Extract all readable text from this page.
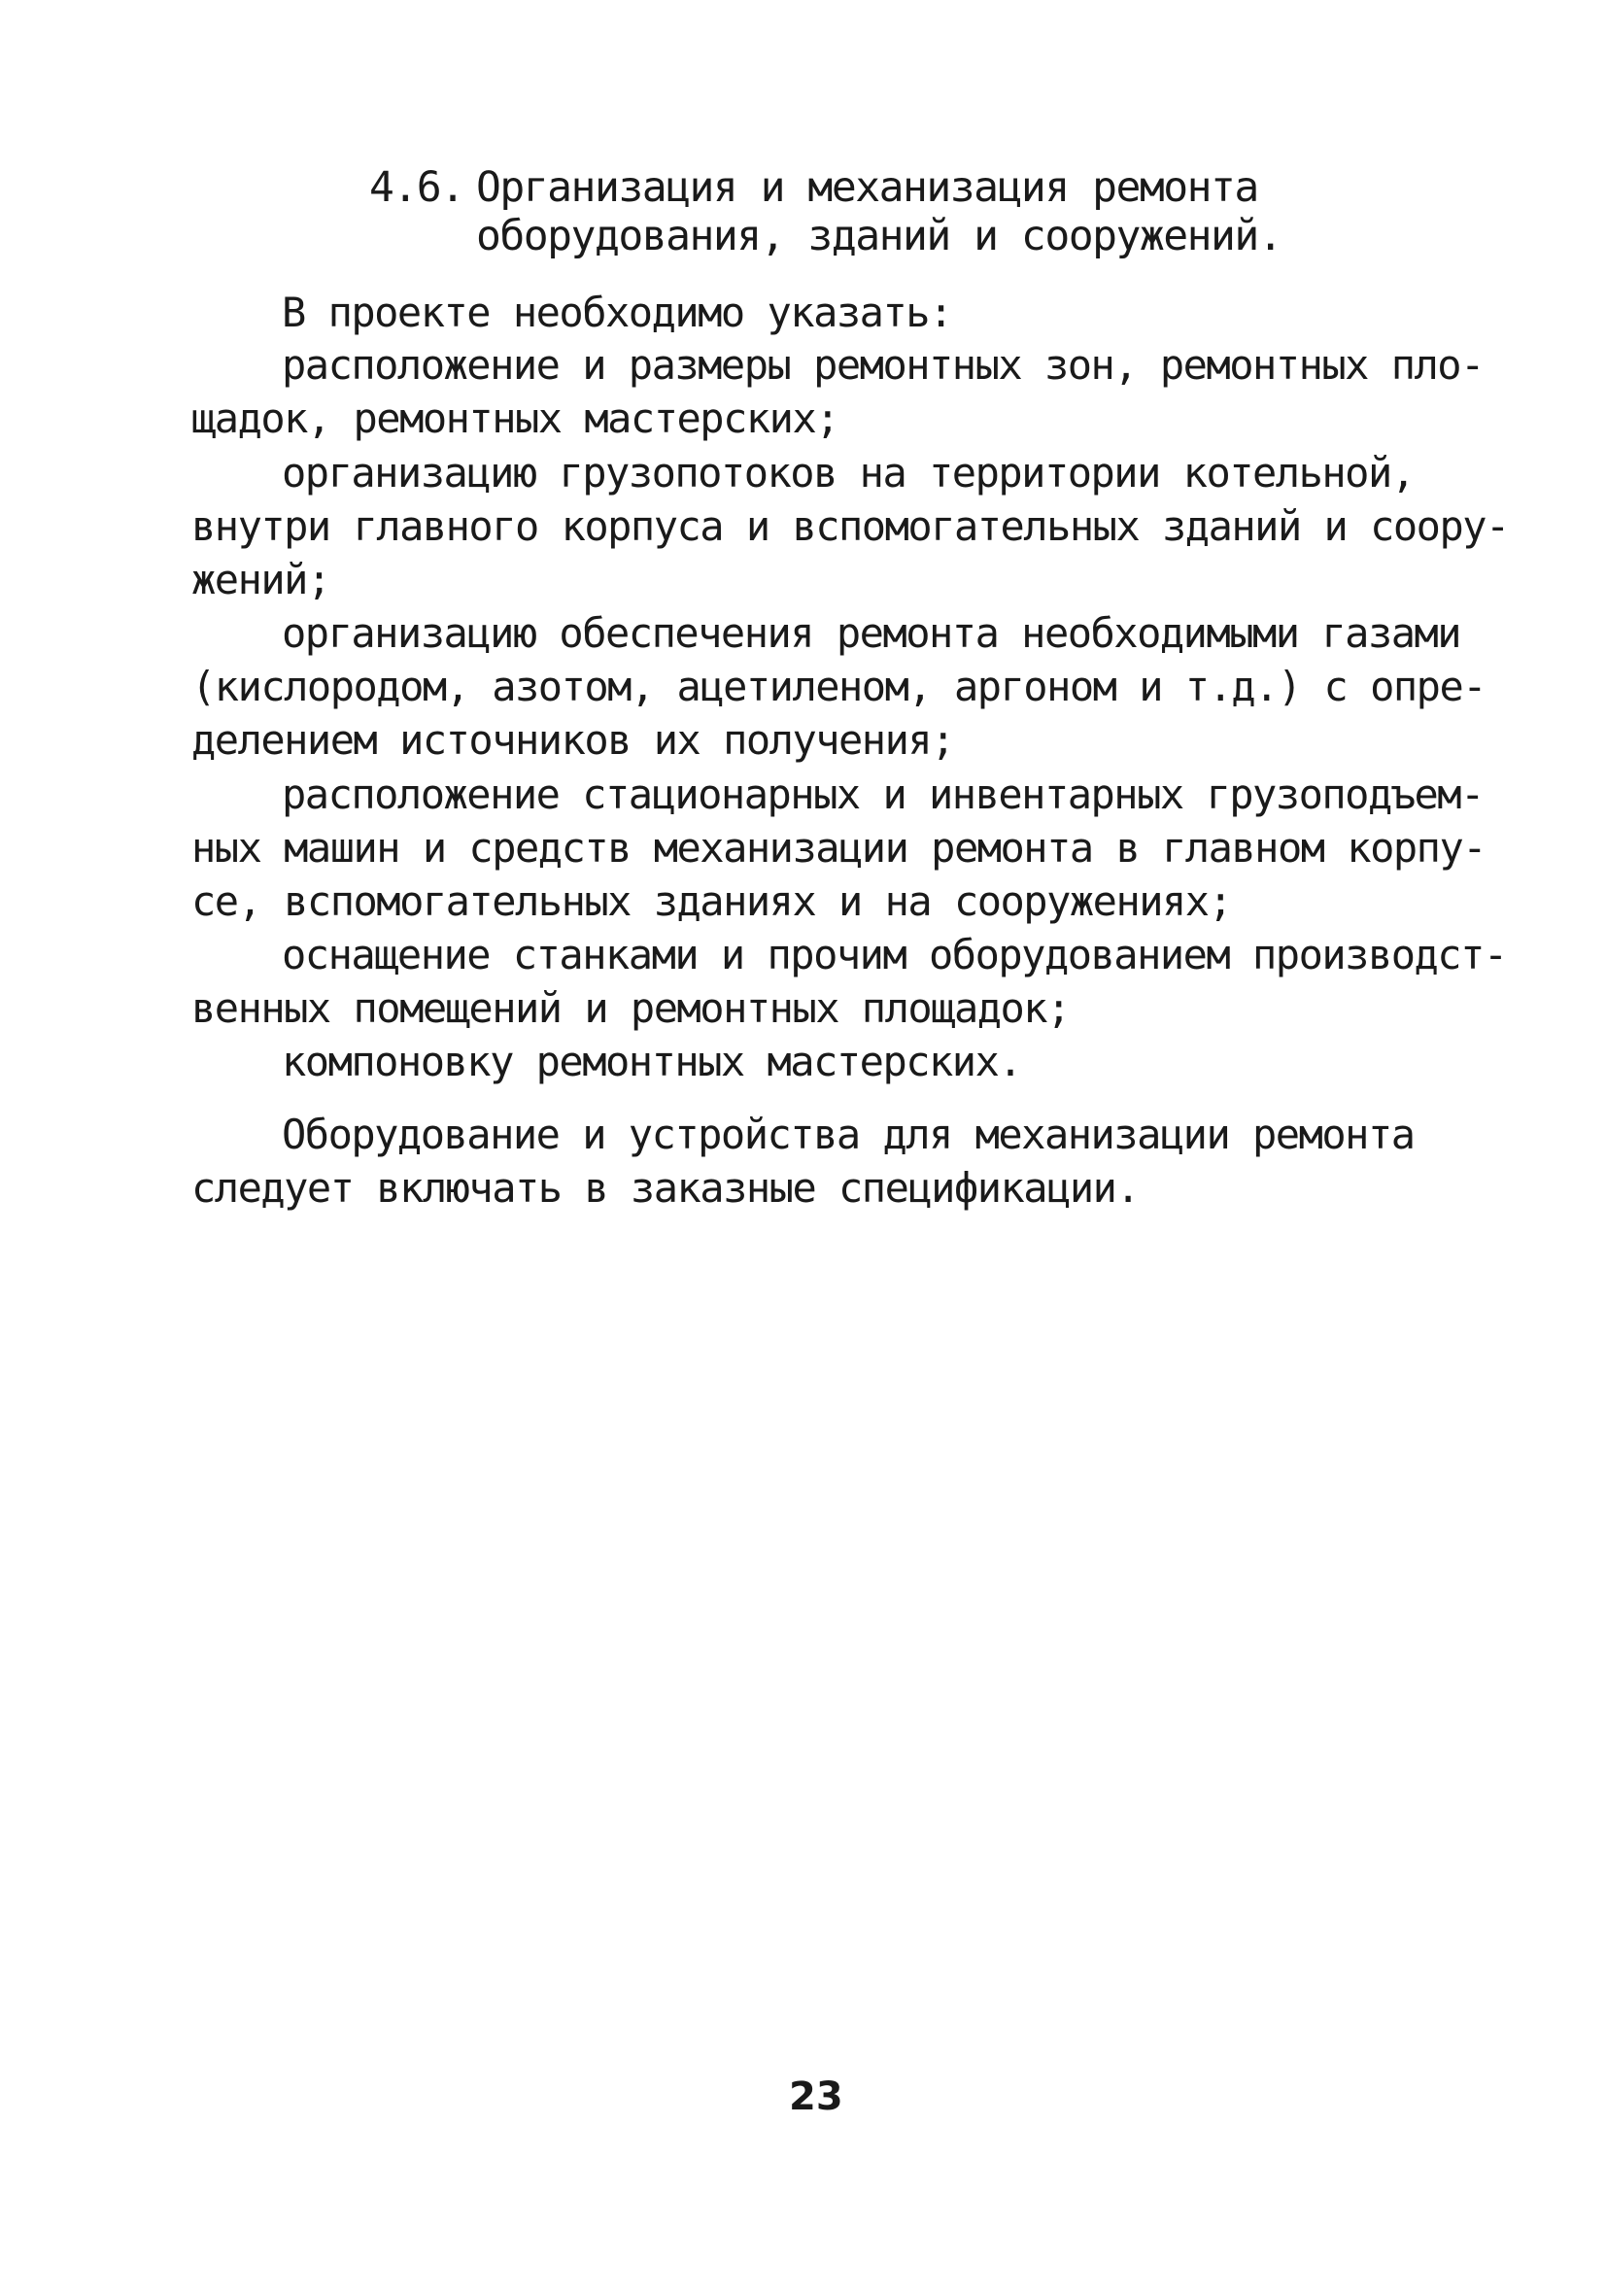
4.6. Организация и механизация ремонта
оборудования, зданий и сооружений.
В проекте необходимо указать:
расположение и размеры ремонтных зон, ремонтных пло-
щадок, ремонтных мастерских;
организацию грузопотоков на территории котельной,
внутри главного корпуса и вспомогательных зданий и соору-
жений;
организацию обеспечения ремонта необходимыми газами
(кислородом, азотом, ацетиленом, аргоном и т.д.) с опре-
делением источников их получения;
расположение стационарных и инвентарных грузоподъем-
ных машин и средств механизации ремонта в главном корпу-
се, вспомогательных зданиях и на сооружениях;
оснащение станками и прочим оборудованием производст-
венных помещений и ремонтных площадок;
компоновку ремонтных мастерских.
Оборудование и устройства для механизации ремонта
следует включать в заказные спецификации.
23
